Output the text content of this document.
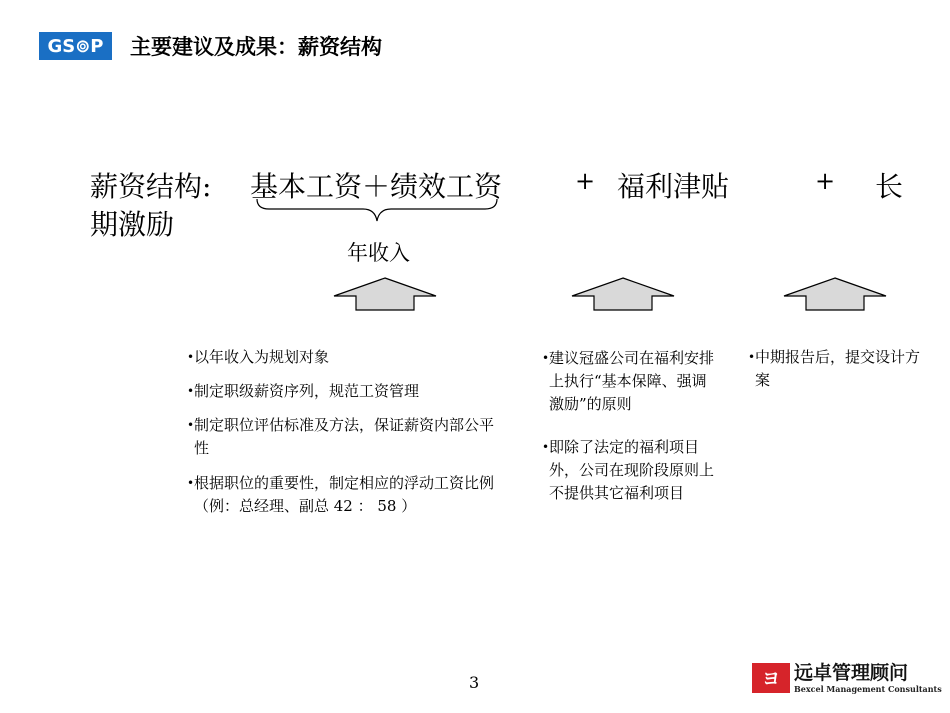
GS⊚P 主要建议及成果：薪资结构
薪资结构: 基本工资＋绩效工资	+ 福利津贴	+ 长
期激励
年收入
• 以年收入为规划对象
• 制定职级薪资序列，规范工资管理
• 制定职位评估标准及方法，保证薪资内部公平性
• 根据职位的重要性，制定相应的浮动工资比例（例：总经理、副总 42 ： 58 ）
• 建议冠盛公司在福利安排上执行“基本保障、强调激励”的原则
• 即除了法定的福利项目外，公司在现阶段原则上不提供其它福利项目
• 中期报告后，提交设计方案
3	ヨ 远卓管理顾问
Bexcel Management Consultants
